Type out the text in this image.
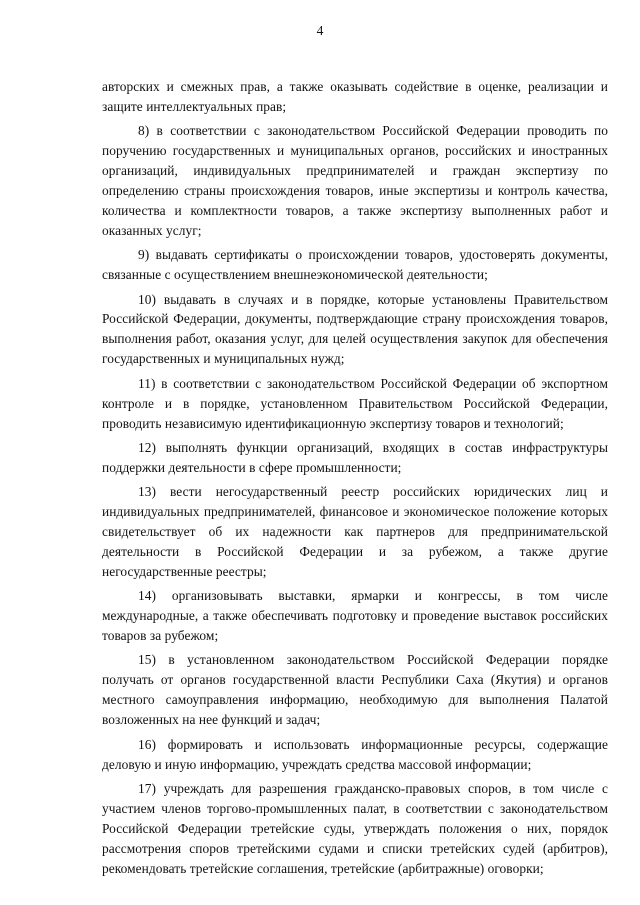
4

авторских и смежных прав, а также оказывать содействие в оценке, реализации и защите интеллектуальных прав;

8) в соответствии с законодательством Российской Федерации проводить по поручению государственных и муниципальных органов, российских и иностранных организаций, индивидуальных предпринимателей и граждан экспертизу по определению страны происхождения товаров, иные экспертизы и контроль качества, количества и комплектности товаров, а также экспертизу выполненных работ и оказанных услуг;

9) выдавать сертификаты о происхождении товаров, удостоверять документы, связанные с осуществлением внешнеэкономической деятельности;

10) выдавать в случаях и в порядке, которые установлены Правительством Российской Федерации, документы, подтверждающие страну происхождения товаров, выполнения работ, оказания услуг, для целей осуществления закупок для обеспечения государственных и муниципальных нужд;

11) в соответствии с законодательством Российской Федерации об экспортном контроле и в порядке, установленном Правительством Российской Федерации, проводить независимую идентификационную экспертизу товаров и технологий;

12) выполнять функции организаций, входящих в состав инфраструктуры поддержки деятельности в сфере промышленности;

13) вести негосударственный реестр российских юридических лиц и индивидуальных предпринимателей, финансовое и экономическое положение которых свидетельствует об их надежности как партнеров для предпринимательской деятельности в Российской Федерации и за рубежом, а также другие негосударственные реестры;

14) организовывать выставки, ярмарки и конгрессы, в том числе международные, а также обеспечивать подготовку и проведение выставок российских товаров за рубежом;

15) в установленном законодательством Российской Федерации порядке получать от органов государственной власти Республики Саха (Якутия) и органов местного самоуправления информацию, необходимую для выполнения Палатой возложенных на нее функций и задач;

16) формировать и использовать информационные ресурсы, содержащие деловую и иную информацию, учреждать средства массовой информации;

17) учреждать для разрешения гражданско-правовых споров, в том числе с участием членов торгово-промышленных палат, в соответствии с законодательством Российской Федерации третейские суды, утверждать положения о них, порядок рассмотрения споров третейскими судами и списки третейских судей (арбитров), рекомендовать третейские соглашения, третейские (арбитражные) оговорки;
